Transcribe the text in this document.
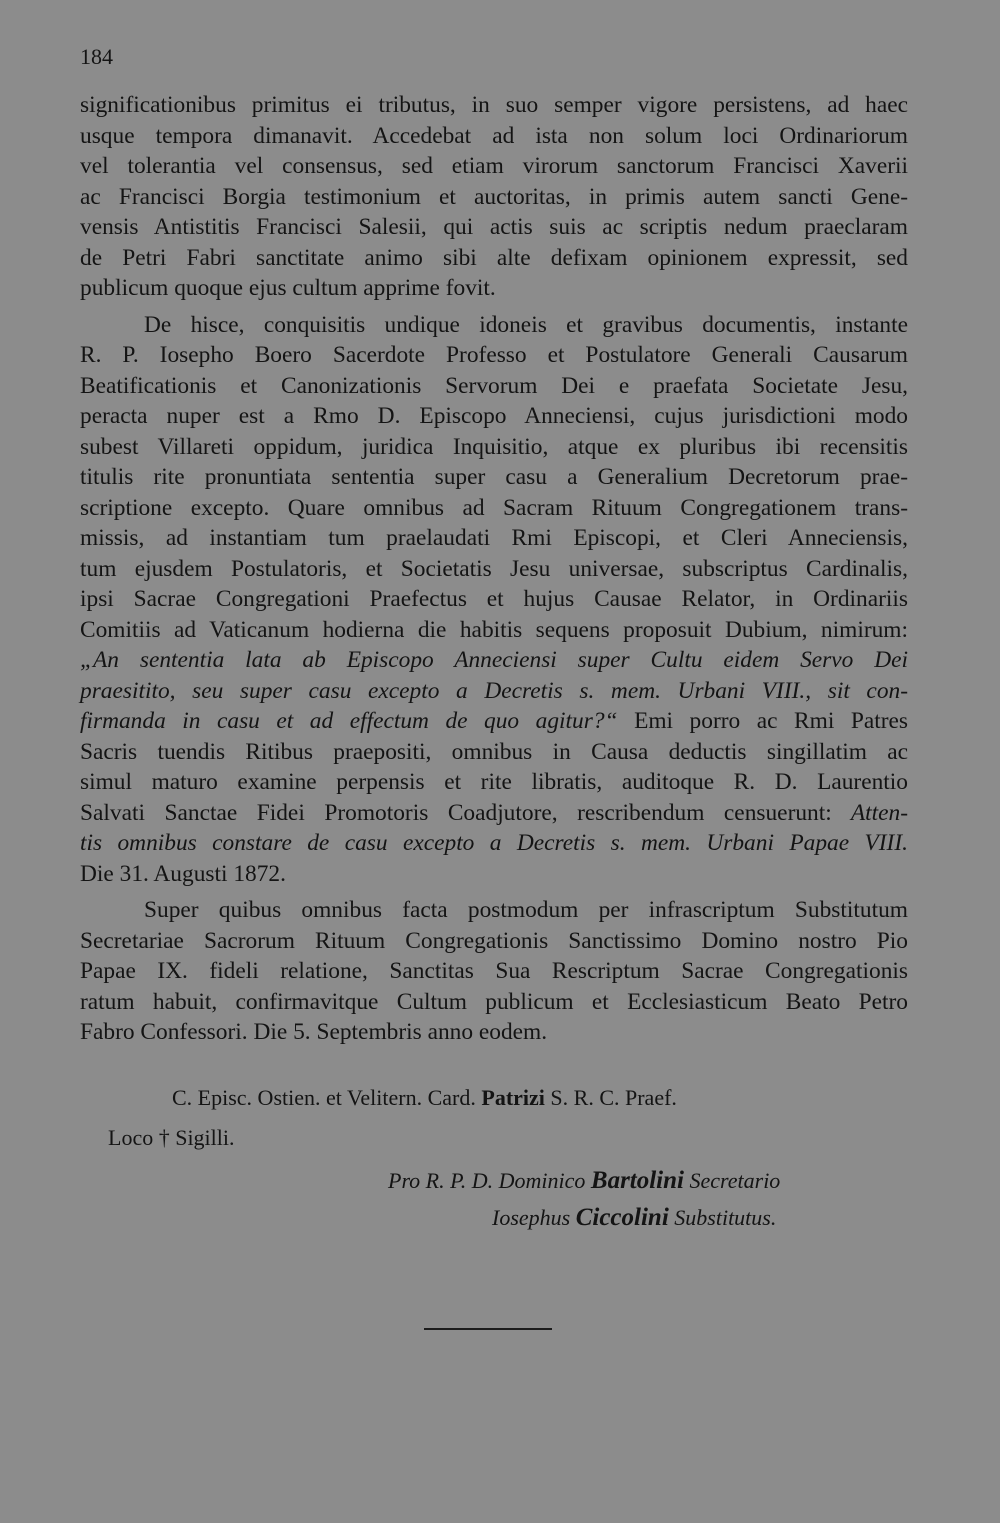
184
significationibus primitus ei tributus, in suo semper vigore persistens, ad haec
usque tempora dimanavit. Accedebat ad ista non solum loci Ordinariorum
vel tolerantia vel consensus, sed etiam virorum sanctorum Francisci Xaverii
ac Francisci Borgia testimonium et auctoritas, in primis autem sancti Gene-
vensis Antistitis Francisci Salesii, qui actis suis ac scriptis nedum praeclaram
de Petri Fabri sanctitate animo sibi alte defixam opinionem expressit, sed
publicum quoque ejus cultum apprime fovit.
De hisce, conquisitis undique idoneis et gravibus documentis, instante
R. P. Iosepho Boero Sacerdote Professo et Postulatore Generali Causarum
Beatificationis et Canonizationis Servorum Dei e praefata Societate Jesu,
peracta nuper est a Rmo D. Episcopo Anneciensi, cujus jurisdictioni modo
subest Villareti oppidum, juridica Inquisitio, atque ex pluribus ibi recensitis
titulis rite pronuntiata sententia super casu a Generalium Decretorum prae-
scriptione excepto. Quare omnibus ad Sacram Rituum Congregationem trans-
missis, ad instantiam tum praelaudati Rmi Episcopi, et Cleri Anneciensis,
tum ejusdem Postulatoris, et Societatis Jesu universae, subscriptus Cardinalis,
ipsi Sacrae Congregationi Praefectus et hujus Causae Relator, in Ordinariis
Comitiis ad Vaticanum hodierna die habitis sequens proposuit Dubium, nimirum:
„An sententia lata ab Episcopo Anneciensi super Cultu eidem Servo Dei
praesitito, seu super casu excepto a Decretis s. mem. Urbani VIII., sit con-
firmanda in casu et ad effectum de quo agitur?“ Emi porro ac Rmi Patres
Sacris tuendis Ritibus praepositi, omnibus in Causa deductis singillatim ac
simul maturo examine perpensis et rite libratis, auditoque R. D. Laurentio
Salvati Sanctae Fidei Promotoris Coadjutore, rescribendum censuerunt: Atten-
tis omnibus constare de casu excepto a Decretis s. mem. Urbani Papae VIII.
Die 31. Augusti 1872.
Super quibus omnibus facta postmodum per infrascriptum Substitutum
Secretariae Sacrorum Rituum Congregationis Sanctissimo Domino nostro Pio
Papae IX. fideli relatione, Sanctitas Sua Rescriptum Sacrae Congregationis
ratum habuit, confirmavitque Cultum publicum et Ecclesiasticum Beato Petro
Fabro Confessori. Die 5. Septembris anno eodem.
C. Episc. Ostien. et Velitern. Card. Patrizi S. R. C. Praef.
Loco † Sigilli.
Pro R. P. D. Dominico Bartolini Secretario
Iosephus Ciccolini Substitutus.
